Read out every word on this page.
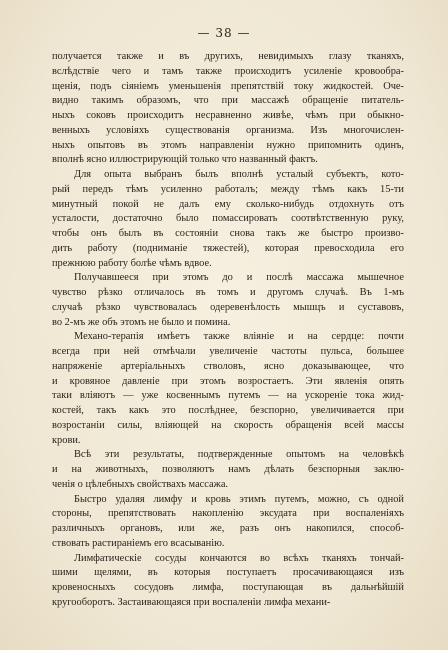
— 38 —
получается также и въ другихъ, невидимыхъ глазу тканяхъ,
вслѣдствіе чего и тамъ также происходитъ усиленіе кровообра-
щенія, подъ сіяніемъ уменьшенія препятствій току жидкостей. Оче-
видно такимъ образомъ, что при массажѣ обращеніе питатель-
ныхъ соковъ происходитъ несравненно живѣе, чѣмъ при обыкно-
венныхъ условіяхъ существованія организма. Изъ многочислен-
ныхъ опытовъ въ этомъ направленіи нужно припомнить одинъ,
вполнѣ ясно иллюстрирующій только что названный фактъ.
Для опыта выбранъ былъ вполнѣ усталый субъектъ, кото-
рый передъ тѣмъ усиленно работалъ; между тѣмъ какъ 15-ти
минутный покой не далъ ему сколько-нибудь отдохнуть отъ
усталости, достаточно было помассировать соотвѣтственную руку,
чтобы онъ былъ въ состояніи снова такъ же быстро произво-
дить работу (подниманіе тяжестей), которая превосходила его
прежнюю работу болѣе чѣмъ вдвое.
Получавшееся при этомъ до и послѣ массажа мышечное
чувство рѣзко отличалось въ томъ и другомъ случаѣ. Въ 1-мъ
случаѣ рѣзко чувствовалась одеревенѣлость мышцъ и суставовъ,
во 2-мъ же объ этомъ не было и помина.
Механо-терапія имѣетъ также вліяніе и на сердце: почти
всегда при ней отмѣчали увеличеніе частоты пульса, большее
напряженіе артеріальныхъ стволовъ, ясно доказывающее, что
и кровяное давленіе при этомъ возростаетъ. Эти явленія опять
таки вліяютъ — уже косвеннымъ путемъ — на ускореніе тока жид-
костей, такъ какъ это послѣднее, безспорно, увеличивается при
возростаніи силы, вліяющей на скорость обращенія всей массы
крови.
Всѣ эти результаты, подтвержденные опытомъ на человѣкѣ
и на животныхъ, позволяютъ намъ дѣлать безспорныя заклю-
ченія о цѣлебныхъ свойствахъ массажа.
Быстро удаляя лимфу и кровь этимъ путемъ, можно, съ одной
стороны, препятствовать накопленію эксудата при воспаленіяхъ
различныхъ органовъ, или же, разъ онъ накопился, способ-
ствовать растираніемъ его всасыванію.
Лимфатическіе сосуды кончаются во всѣхъ тканяхъ тончай-
шими щелями, въ которыя поступаетъ просачивающаяся изъ
кровеносныхъ сосудовъ лимфа, поступающая въ дальнѣйшій
кругооборотъ. Застаивающаяся при воспаленіи лимфа механи-
